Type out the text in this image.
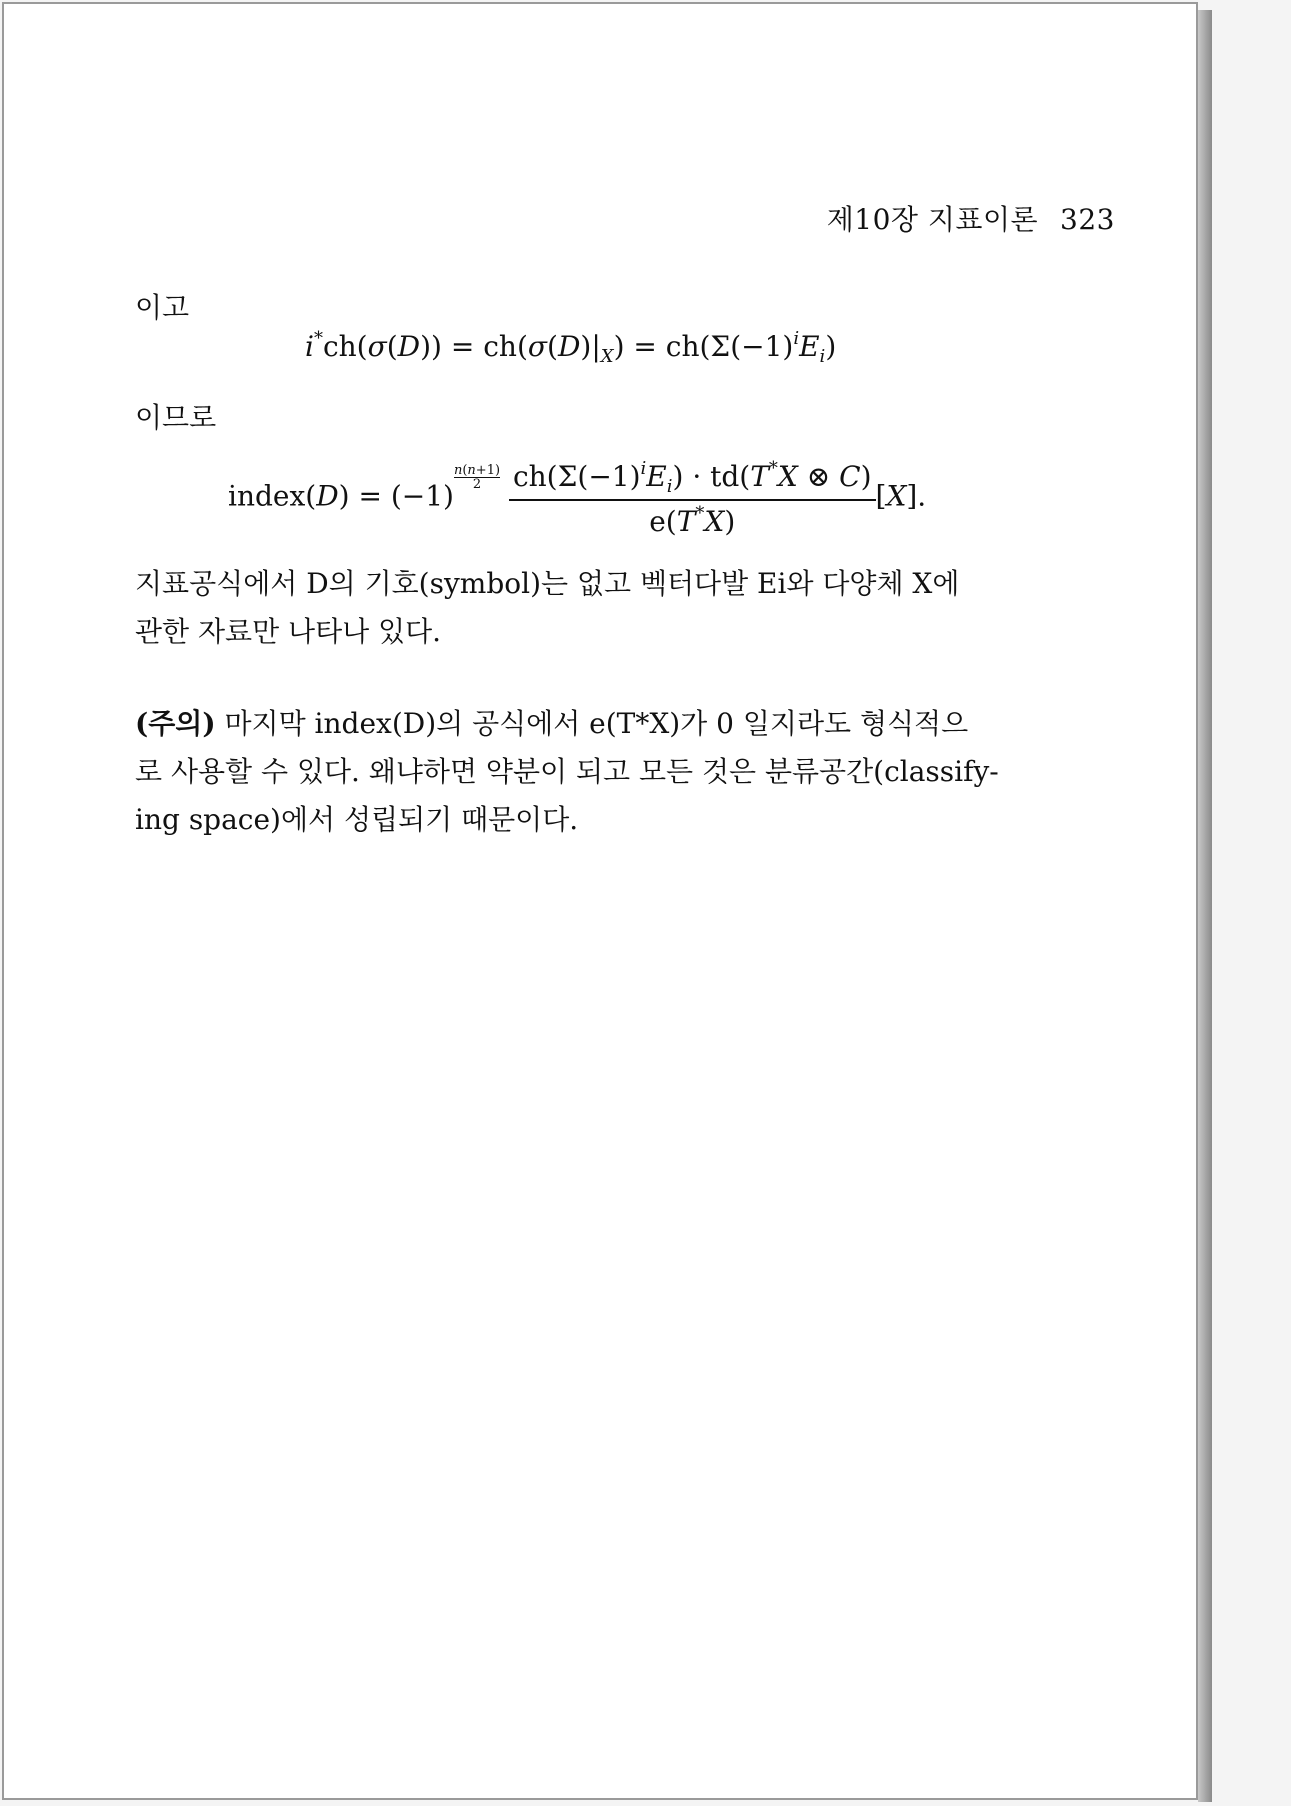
제10장 지표이론 323
이고
$i^*ch(\sigma(D)) = ch(\sigma(D)|_X) = ch(\Sigma(-1)^iE_i)$
이므로
index(D) = (−1)
$\frac{n(n+1)}{2}$
$\frac{ch(\Sigma(-1)^iE_i) \cdot td(T^*X \otimes C)}{e(T^*X)} [X]$.
지표공식에서 D의 기호(symbol)는 없고 벡터다발 Ei와 다양체 X에
관한 자료만 나타나 있다.
(주의) 마지막 index(D)의 공식에서 e(T*X)가 0 일지라도 형식적으
로 사용할 수 있다. 왜냐하면 약분이 되고 모든 것은 분류공간(classify-
ing space)에서 성립되기 때문이다.
